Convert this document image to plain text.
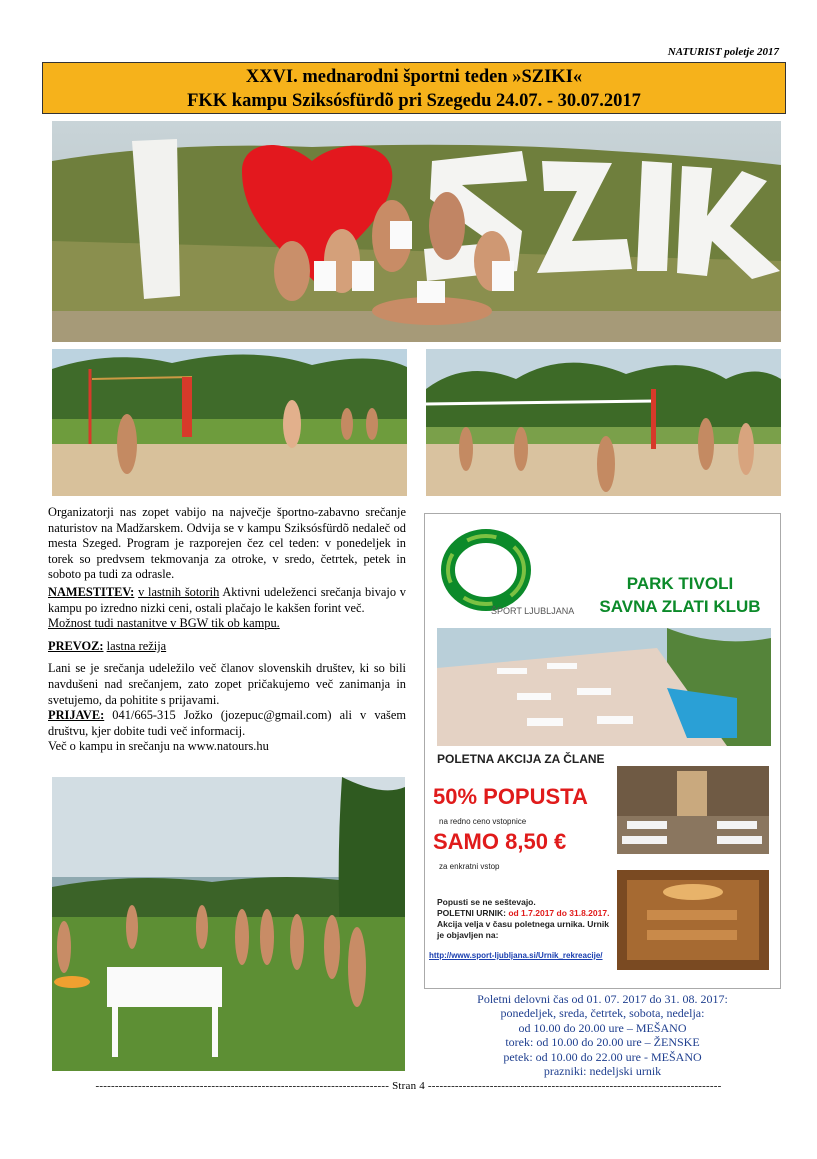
NATURIST poletje 2017
XXVI. mednarodni športni teden »SZIKI«
FKK kampu Sziksósfürdõ pri Szegedu 24.07. - 30.07.2017

Organizatorji nas zopet vabijo na največje športno-zabavno srečanje naturistov na Madžarskem. Odvija se v kampu Sziksósfürdõ nedaleč od mesta Szeged. Program je razporejen čez cel teden: v ponedeljek in torek so predvsem tekmovanja za otroke, v sredo, četrtek, petek in soboto pa tudi za odrasle.

NAMESTITEV: v lastnih šotorih Aktivni udeleženci srečanja bivajo v kampu po izredno nizki ceni, ostali plačajo le kakšen forint več.

Možnost tudi nastanitve v BGW tik ob kampu.

PREVOZ: lastna režija

Lani se je srečanja udeležilo več članov slovenskih društev, ki so bili navdušeni nad srečanjem, zato zopet pričakujemo več zanimanja in svetujemo, da pohitite s prijavami.

PRIJAVE: 041/665-315 Jožko (jozepuc@gmail.com) ali v vašem društvu, kjer dobite tudi več informacij.

Več o kampu in srečanju na www.natours.hu

ŠPORT LJUBLJANA
PARK TIVOLI
SAVNA ZLATI KLUB
POLETNA AKCIJA ZA ČLANE
50% POPUSTA
na redno ceno vstopnice
SAMO 8,50 €
za enkratni vstop
Popusti se ne seštevajo.
POLETNI URNIK: od 1.7.2017 do 31.8.2017.
Akcija velja v času poletnega urnika. Urnik je objavljen na:
http://www.sport-ljubljana.si/Urnik_rekreacije/
Poletni delovni čas od 01. 07. 2017 do 31. 08. 2017:
ponedeljek, sreda, četrtek, sobota, nedelja:
od 10.00 do 20.00 ure – MEŠANO
torek: od 10.00 do 20.00 ure – ŽENSKE
petek: od 10.00 do 22.00 ure - MEŠANO
prazniki: nedeljski urnik
---------------------------------------------------------------------------- Stran 4 ----------------------------------------------------------------------------
